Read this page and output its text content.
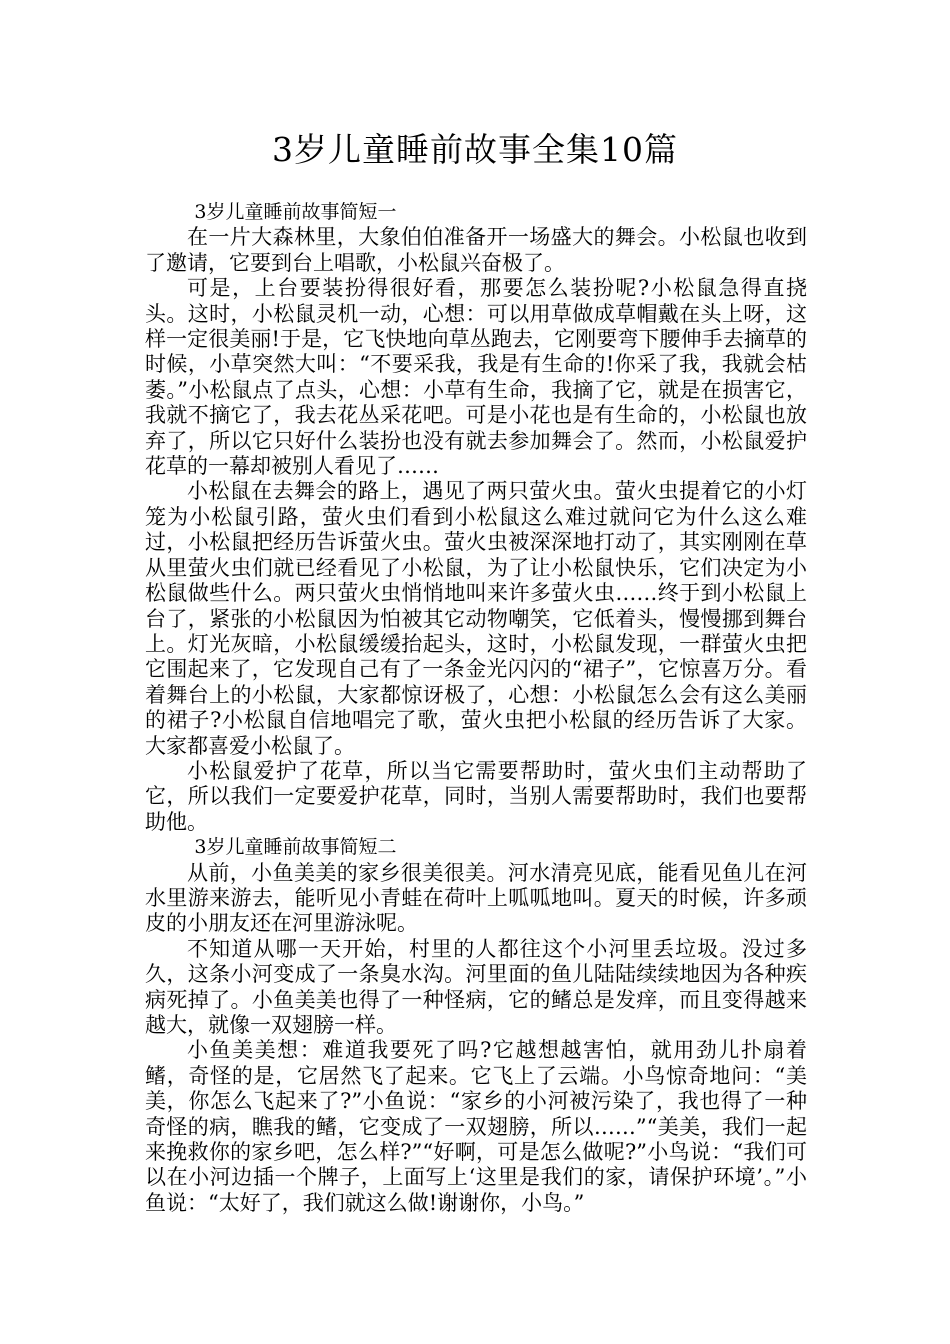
3岁儿童睡前故事全集10篇

3岁儿童睡前故事简短一

在一片大森林里，大象伯伯准备开一场盛大的舞会。小松鼠也收到了邀请，它要到台上唱歌，小松鼠兴奋极了。

可是，上台要装扮得很好看，那要怎么装扮呢?小松鼠急得直挠头。这时，小松鼠灵机一动，心想：可以用草做成草帽戴在头上呀，这样一定很美丽!于是，它飞快地向草丛跑去，它刚要弯下腰伸手去摘草的时候，小草突然大叫：“不要采我，我是有生命的!你采了我，我就会枯萎。”小松鼠点了点头，心想：小草有生命，我摘了它，就是在损害它，我就不摘它了，我去花丛采花吧。可是小花也是有生命的，小松鼠也放弃了，所以它只好什么装扮也没有就去参加舞会了。然而，小松鼠爱护花草的一幕却被别人看见了……

小松鼠在去舞会的路上，遇见了两只萤火虫。萤火虫提着它的小灯笼为小松鼠引路，萤火虫们看到小松鼠这么难过就问它为什么这么难过，小松鼠把经历告诉萤火虫。萤火虫被深深地打动了，其实刚刚在草从里萤火虫们就已经看见了小松鼠，为了让小松鼠快乐，它们决定为小松鼠做些什么。两只萤火虫悄悄地叫来许多萤火虫……终于到小松鼠上台了，紧张的小松鼠因为怕被其它动物嘲笑，它低着头，慢慢挪到舞台上。灯光灰暗，小松鼠缓缓抬起头，这时，小松鼠发现，一群萤火虫把它围起来了，它发现自己有了一条金光闪闪的“裙子”，它惊喜万分。看着舞台上的小松鼠，大家都惊讶极了，心想：小松鼠怎么会有这么美丽的裙子?小松鼠自信地唱完了歌，萤火虫把小松鼠的经历告诉了大家。大家都喜爱小松鼠了。

小松鼠爱护了花草，所以当它需要帮助时，萤火虫们主动帮助了它，所以我们一定要爱护花草，同时，当别人需要帮助时，我们也要帮助他。

3岁儿童睡前故事简短二

从前，小鱼美美的家乡很美很美。河水清亮见底，能看见鱼儿在河水里游来游去，能听见小青蛙在荷叶上呱呱地叫。夏天的时候，许多顽皮的小朋友还在河里游泳呢。

不知道从哪一天开始，村里的人都往这个小河里丢垃圾。没过多久，这条小河变成了一条臭水沟。河里面的鱼儿陆陆续续地因为各种疾病死掉了。小鱼美美也得了一种怪病，它的鳍总是发痒，而且变得越来越大，就像一双翅膀一样。

小鱼美美想：难道我要死了吗?它越想越害怕，就用劲儿扑扇着鳍，奇怪的是，它居然飞了起来。它飞上了云端。小鸟惊奇地问：“美美，你怎么飞起来了?”小鱼说：“家乡的小河被污染了，我也得了一种奇怪的病，瞧我的鳍，它变成了一双翅膀，所以……”“美美，我们一起来挽救你的家乡吧，怎么样?”“好啊，可是怎么做呢?”小鸟说：“我们可以在小河边插一个牌子，上面写上‘这里是我们的家，请保护环境’。”小鱼说：“太好了，我们就这么做!谢谢你，小鸟。”
